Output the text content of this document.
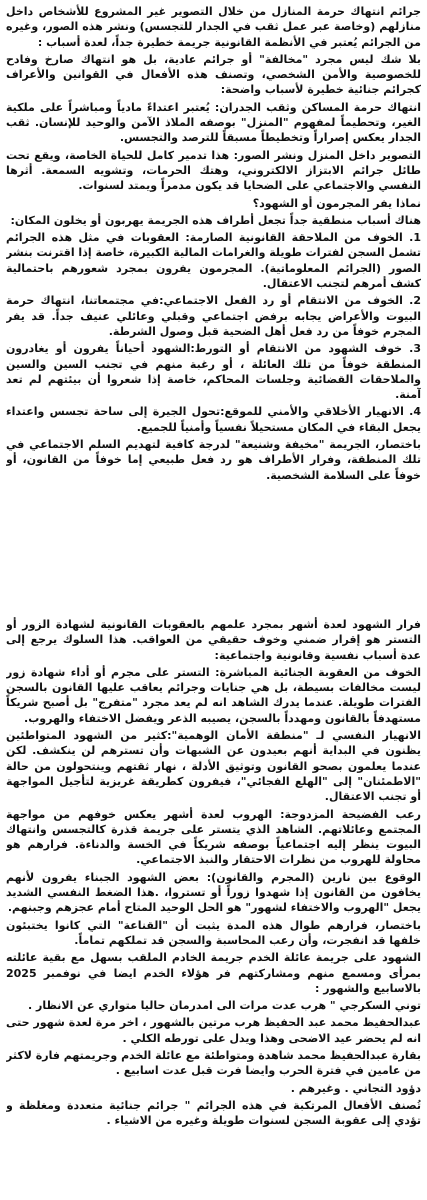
جرائم انتهاك حرمة المنازل من خلال التصوير غير المشروع للأشخاص داخل منازلهم (وخاصة عبر عمل ثقب في الجدار للتجسس) ونشر هذه الصور، وغيره من الجرائم يُعتبر في الأنظمة القانونية جريمة خطيرة جداً، لعدة أسباب :

بلا شك ليس مجرد "مخالفة" أو جرائم عادية، بل هو انتهاك صارخ وفادح للخصوصية والأمن الشخصي، وتصنف هذه الأفعال في القوانين والأعراف كجرائم جنائية خطيرة لأسباب واضحة:

انتهاك حرمة المساكن وثقب الجدران: يُعتبر اعتداءً مادياً ومباشراً على ملكية الغير، وتحطيماً لمفهوم "المنزل" بوصفه الملاذ الآمن والوحيد للإنسان. ثقب الجدار يعكس إصراراً وتخطيطاً مسبقاً للترصد والتجسس.

التصوير داخل المنزل ونشر الصور: هذا تدمير كامل للحياة الخاصة، ويقع تحت طائل جرائم الابتزاز الالكتروني، وهتك الحرمات، وتشويه السمعة. أثرها النفسي والاجتماعي على الضحايا قد يكون مدمراً ويمتد لسنوات.

نماذا يفر المجرمون أو الشهود؟

هناك أسباب منطقية جداً تجعل أطراف هذه الجريمة يهربون أو يخلون المكان:

1. الخوف من الملاحقة القانونية الصارمة: العقوبات في مثل هذه الجرائم تشمل السجن لفترات طويلة والغرامات المالية الكبيرة، خاصة إذا اقترنت بنشر الصور (الجرائم المعلوماتية). المجرمون يفرون بمجرد شعورهم باحتمالية كشف أمرهم لتجنب الاعتقال.

2. الخوف من الانتقام أو رد الفعل الاجتماعي:في مجتمعاتنا، انتهاك حرمة البيوت والأعراض يجابه برفض اجتماعي وقبلي وعائلي عنيف جداً. قد يفر المجرم خوفاً من رد فعل أهل الضحية قبل وصول الشرطة.

3. خوف الشهود من الانتقام أو التورط:الشهود أحياناً يفرون أو يغادرون المنطقة خوفاً من تلك العائلة ، أو رغبة منهم في تجنب السين والسين والملاحقات القضائية وجلسات المحاكم، خاصة إذا شعروا أن بيئتهم لم تعد آمنة.

4. الانهيار الأخلاقي والأمني للموقع:تحول الجيرة إلى ساحة تجسس واعتداء يجعل البقاء في المكان مستحيلاً نفسياً وأمنياً للجميع.

باختصار، الجريمة "مخيفة وشنيعة" لدرجة كافية لتهديم السلم الاجتماعي في تلك المنطقة، وفرار الأطراف هو رد فعل طبيعي إما خوفاً من القانون، أو خوفاً على السلامة الشخصية.

فرار الشهود لعدة أشهر بمجرد علمهم بالعقوبات القانونية لشهادة الزور أو التستر هو إقرار ضمني وخوف حقيقي من العواقب. هذا السلوك يرجع إلى عدة أسباب نفسية وقانونية واجتماعية:

الخوف من العقوبة الجنائية المباشرة: التستر على مجرم أو أداء شهادة زور ليست مخالفات بسيطة، بل هي جنايات وجرائم يعاقب عليها القانون بالسجن الفترات طويلة. عندما يدرك الشاهد انه لم يعد مجرد "متفرج" بل أصبح شريكاً مستهدفاً بالقانون ومهدداً بالسجن، يصيبه الذعر ويفضل الاختفاء والهروب.

الانهيار النفسي لـ "منطقة الأمان الوهمية":كثير من الشهود المتواطئين يظنون في البداية أنهم بعيدون عن الشبهات وأن تسترهم لن ينكشف. لكن عندما يعلمون بصحو القانون وتوثيق الأدلة ، نهار ثقتهم وينتحولون من حالة "الاطمئنان" إلى "الهلع الفجائي"، فيفرون كطريقة غريزية لتأجيل المواجهة أو تجنب الاعتقال.

رعب الفضيحة المزدوجة: الهروب لعدة أشهر يعكس خوفهم من مواجهة المجتمع وعائلاتهم. الشاهد الذي يتستر على جريمة قذرة كالتجسس وانتهاك البيوت ينظر إليه اجتماعياً بوصفه شريكاً في الخسة والدناءة. فرارهم هو محاولة للهروب من نظرات الاحتقار والنبذ الاجتماعي.

الوقوع بين نارين (المجرم والقانون): بعض الشهود الجبناء يفرون لأنهم يخافون من القانون إذا شهدوا زوراً أو تستروا، .هذا الضغط النفسي الشديد يجعل "الهروب والاختفاء لشهور" هو الحل الوحيد المتاح أمام عجزهم وجبنهم.

باختصار، فرارهم طوال هذه المدة يثبت أن "القناعة" التي كانوا يختبئون خلفها قد انفجرت، وأن رعب المحاسبة والسجن قد تملكهم تماماً.

الشهود على جريمة عائلة الخدم جريمة الخادم الملقب بسهل مع بقية عائلته بمرأى ومسمع منهم ومشاركتهم فر هؤلاء الخدم ايضا في نوفمبر 2025 بالاسابيع والشهور :

توني السكرجي " هرب عدت مرات الى امدرمان حاليا متواري عن الانظار .

عبدالحفيظ محمد عبد الحفيظ هرب مرتين بالشهور ، اخر مرة لعدة شهور حتى انه لم يحضر عيد الاضحى وهذا ويدل على تورطه الكلي .

بقارة عبدالحفيظ محمد شاهدة ومتواطئة مع عائلة الخدم وجريمتهم فارة لاكثر من عامين في فترة الحرب وايضا فرت قبل عدت اسابيع .

دؤود التجاني . وغيرهم .

تُصنف الأفعال المرتكبة في هذه الجرائم " جرائم جنائية متعددة ومغلظة و تؤدي إلى عقوبة السجن لسنوات طويلة وغيره من الاشياء .
